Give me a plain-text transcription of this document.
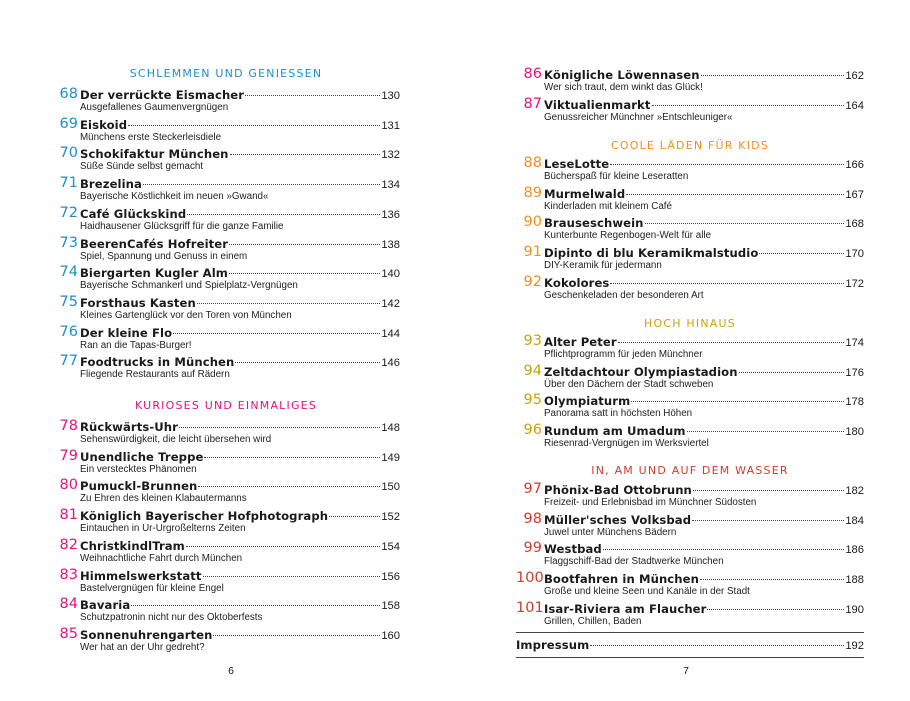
SCHLEMMEN UND GENIESSEN
68 Der verrückte Eismacher	130
Ausgefallenes Gaumenvergnügen
69 Eiskoid	131
Münchens erste Steckerleisdiele
70 Schokifaktur München	132
Süße Sünde selbst gemacht
71 Brezelina	134
Bayerische Köstlichkeit im neuen »Gwand«
72 Café Glückskind	136
Haidhausener Glücksgriff für die ganze Familie
73 BeerenCafés Hofreiter	138
Spiel, Spannung und Genuss in einem
74 Biergarten Kugler Alm	140
Bayerische Schmankerl und Spielplatz-Vergnügen
75 Forsthaus Kasten	142
Kleines Gartenglück vor den Toren von München
76 Der kleine Flo	144
Ran an die Tapas-Burger!
77 Foodtrucks in München	146
Fliegende Restaurants auf Rädern
KURIOSES UND EINMALIGES
78 Rückwärts-Uhr	148
Sehenswürdigkeit, die leicht übersehen wird
79 Unendliche Treppe	149
Ein verstecktes Phänomen
80 Pumuckl-Brunnen	150
Zu Ehren des kleinen Klabautermanns
81 Königlich Bayerischer Hofphotograph	152
Eintauchen in Ur-Urgroßelterns Zeiten
82 ChristkindlTram	154
Weihnachtliche Fahrt durch München
83 Himmelswerkstatt	156
Bastelvergnügen für kleine Engel
84 Bavaria	158
Schutzpatronin nicht nur des Oktoberfests
85 Sonnenuhrengarten	160
Wer hat an der Uhr gedreht?
86 Königliche Löwennasen	162
Wer sich traut, dem winkt das Glück!
87 Viktualienmarkt	164
Genussreicher Münchner »Entschleuniger«
COOLE LÄDEN FÜR KIDS
88 LeseLotte	166
Bücherspaß für kleine Leseratten
89 Murmelwald	167
Kinderladen mit kleinem Café
90 Brauseschwein	168
Kunterbunte Regenbogen-Welt für alle
91 Dipinto di blu Keramikmalstudio	170
DIY-Keramik für jedermann
92 Kokolores	172
Geschenkeladen der besonderen Art
HOCH HINAUS
93 Alter Peter	174
Pflichtprogramm für jeden Münchner
94 Zeltdachtour Olympiastadion	176
Über den Dächern der Stadt schweben
95 Olympiaturm	178
Panorama satt in höchsten Höhen
96 Rundum am Umadum	180
Riesenrad-Vergnügen im Werksviertel
IN, AM UND AUF DEM WASSER
97 Phönix-Bad Ottobrunn	182
Freizeit- und Erlebnisbad im Münchner Südosten
98 Müller'sches Volksbad	184
Juwel unter Münchens Bädern
99 Westbad	186
Flaggschiff-Bad der Stadtwerke München
100 Bootfahren in München	188
Große und kleine Seen und Kanäle in der Stadt
101 Isar-Riviera am Flaucher	190
Grillen, Chillen, Baden
Impressum	192
6	7
